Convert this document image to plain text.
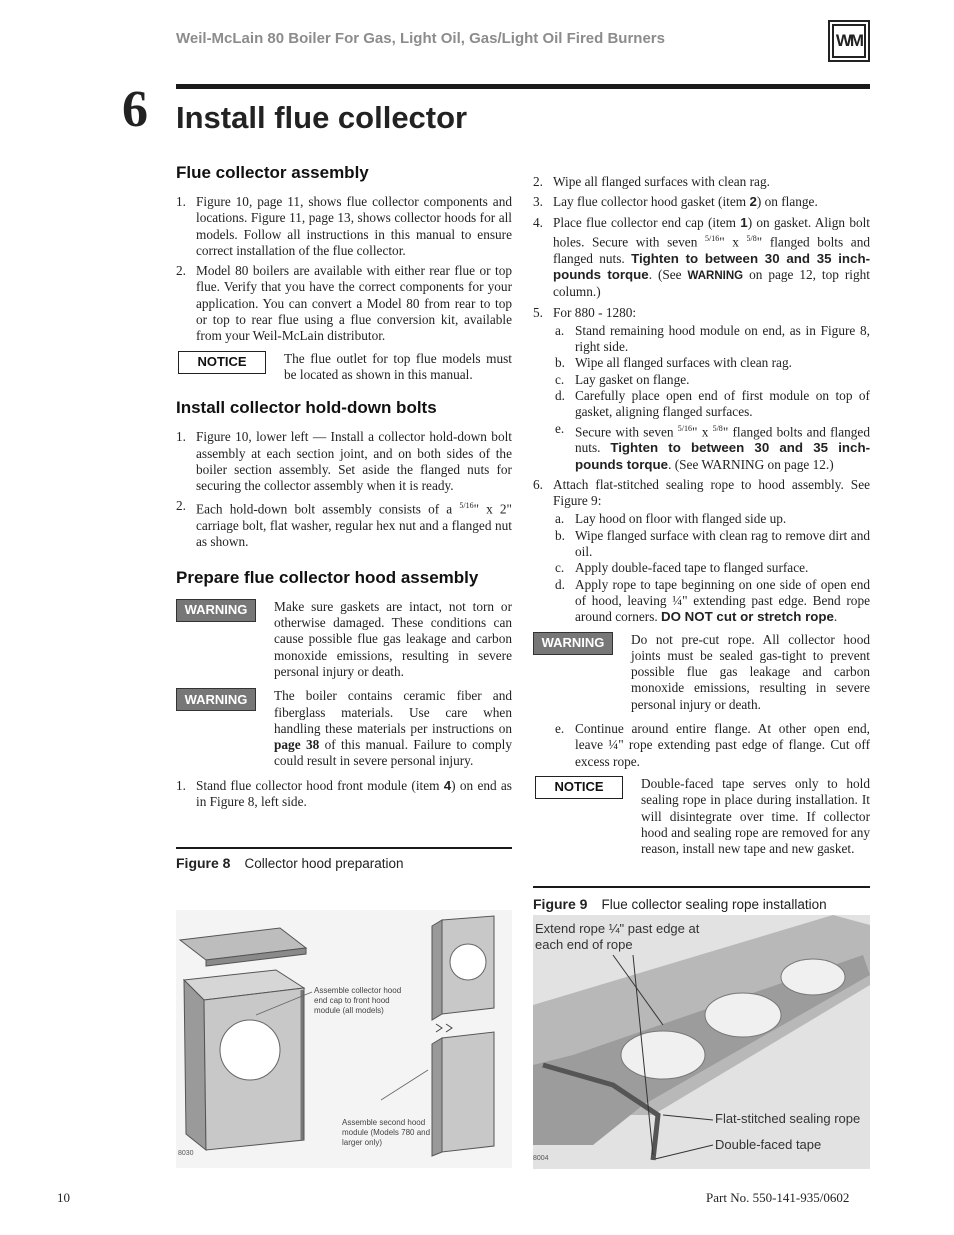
Weil-McLain 80 Boiler For Gas, Light Oil, Gas/Light Oil Fired Burners	WM
6 Install flue collector
Flue collector assembly
1. Figure 10, page 11, shows flue collector components and locations. Figure 11, page 13, shows collector hoods for all models. Follow all instructions in this manual to ensure correct installation of the flue collector.
2. Model 80 boilers are available with either rear flue or top flue. Verify that you have the correct components for your application. You can convert a Model 80 from rear to top or top to rear flue using a flue conversion kit, available from your Weil-McLain distributor.
NOTICE	The flue outlet for top flue models must be located as shown in this manual.
Install collector hold-down bolts
1. Figure 10, lower left — Install a collector hold-down bolt assembly at each section joint, and on both sides of the boiler section assembly. Set aside the flanged nuts for securing the collector assembly when it is ready.
2. Each hold-down bolt assembly consists of a $^{5/16}$" x 2" carriage bolt, flat washer, regular hex nut and a flanged nut as shown.
Prepare flue collector hood assembly
WARNING	Make sure gaskets are intact, not torn or otherwise damaged. These conditions can cause possible flue gas leakage and carbon monoxide emissions, resulting in severe personal injury or death.
WARNING	The boiler contains ceramic fiber and fiberglass materials. Use care when handling these materials per instructions on page 38 of this manual. Failure to comply could result in severe personal injury.
1. Stand flue collector hood front module (item 4) on end as in Figure 8, left side.
2. Wipe all flanged surfaces with clean rag.
3. Lay flue collector hood gasket (item 2) on flange.
4. Place flue collector end cap (item 1) on gasket. Align bolt holes. Secure with seven $^{5/16}$" x $^{5/8}$" flanged bolts and flanged nuts. Tighten to between 30 and 35 inch-pounds torque. (See WARNING on page 12, top right column.)
5. For 880 - 1280:
a. Stand remaining hood module on end, as in Figure 8, right side.
b. Wipe all flanged surfaces with clean rag.
c. Lay gasket on flange.
d. Carefully place open end of first module on top of gasket, aligning flanged surfaces.
e. Secure with seven $^{5/16}$" x $^{5/8}$" flanged bolts and flanged nuts. Tighten to between 30 and 35 inch-pounds torque. (See WARNING on page 12.)
6. Attach flat-stitched sealing rope to hood assembly. See Figure 9:
a. Lay hood on floor with flanged side up.
b. Wipe flanged surface with clean rag to remove dirt and oil.
c. Apply double-faced tape to flanged surface.
d. Apply rope to tape beginning on one side of open end of hood, leaving ¼" extending past edge. Bend rope around corners. DO NOT cut or stretch rope.
WARNING	Do not pre-cut rope. All collector hood joints must be sealed gas-tight to prevent possible flue gas leakage and carbon monoxide emissions, resulting in severe personal injury or death.
e. Continue around entire flange. At other open end, leave ¼" rope extending past edge of flange. Cut off excess rope.
NOTICE	Double-faced tape serves only to hold sealing rope in place during installation. It will disintegrate over time. If collector hood and sealing rope are removed for any reason, install new tape and new gasket.
Figure 8 Collector hood preparation
Assemble collector hood end cap to front hood module (all models)
Assemble second hood module (Models 780 and larger only)
8030
Figure 9 Flue collector sealing rope installation
Extend rope ¼" past edge at each end of rope
Flat-stitched sealing rope
Double-faced tape
8004
10	Part No. 550-141-935/0602
